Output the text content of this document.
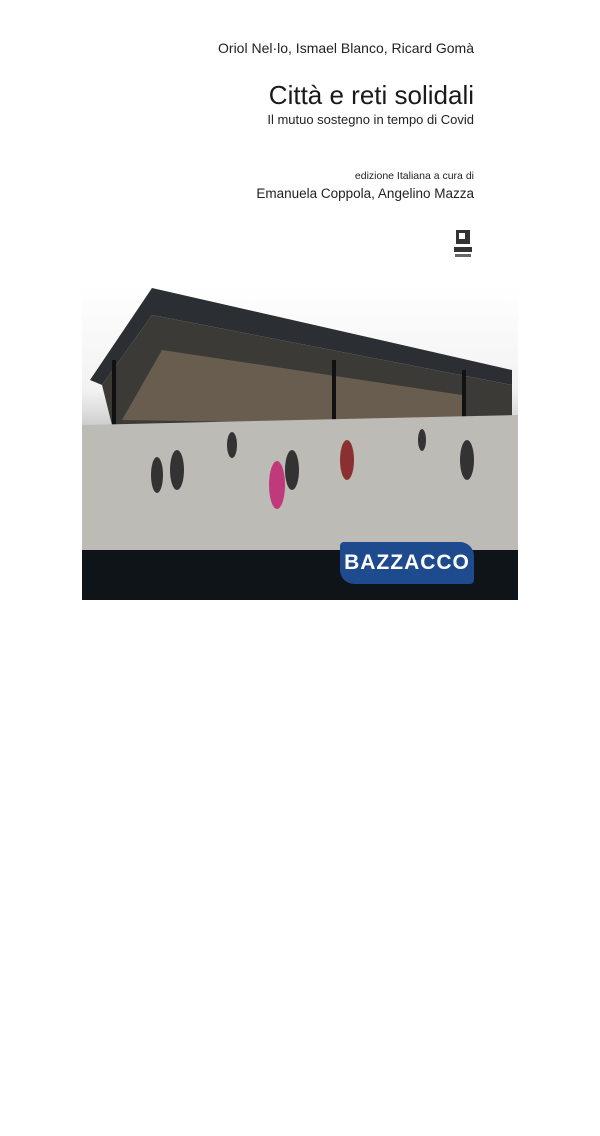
Oriol Nel·lo, Ismael Blanco, Ricard Gomà
Città e reti solidali
Il mutuo sostegno in tempo di Covid
edizione Italiana a cura di
Emanuela Coppola, Angelino Mazza
10 / Urbana Studi per la città contemporanea
BAZZACCO
